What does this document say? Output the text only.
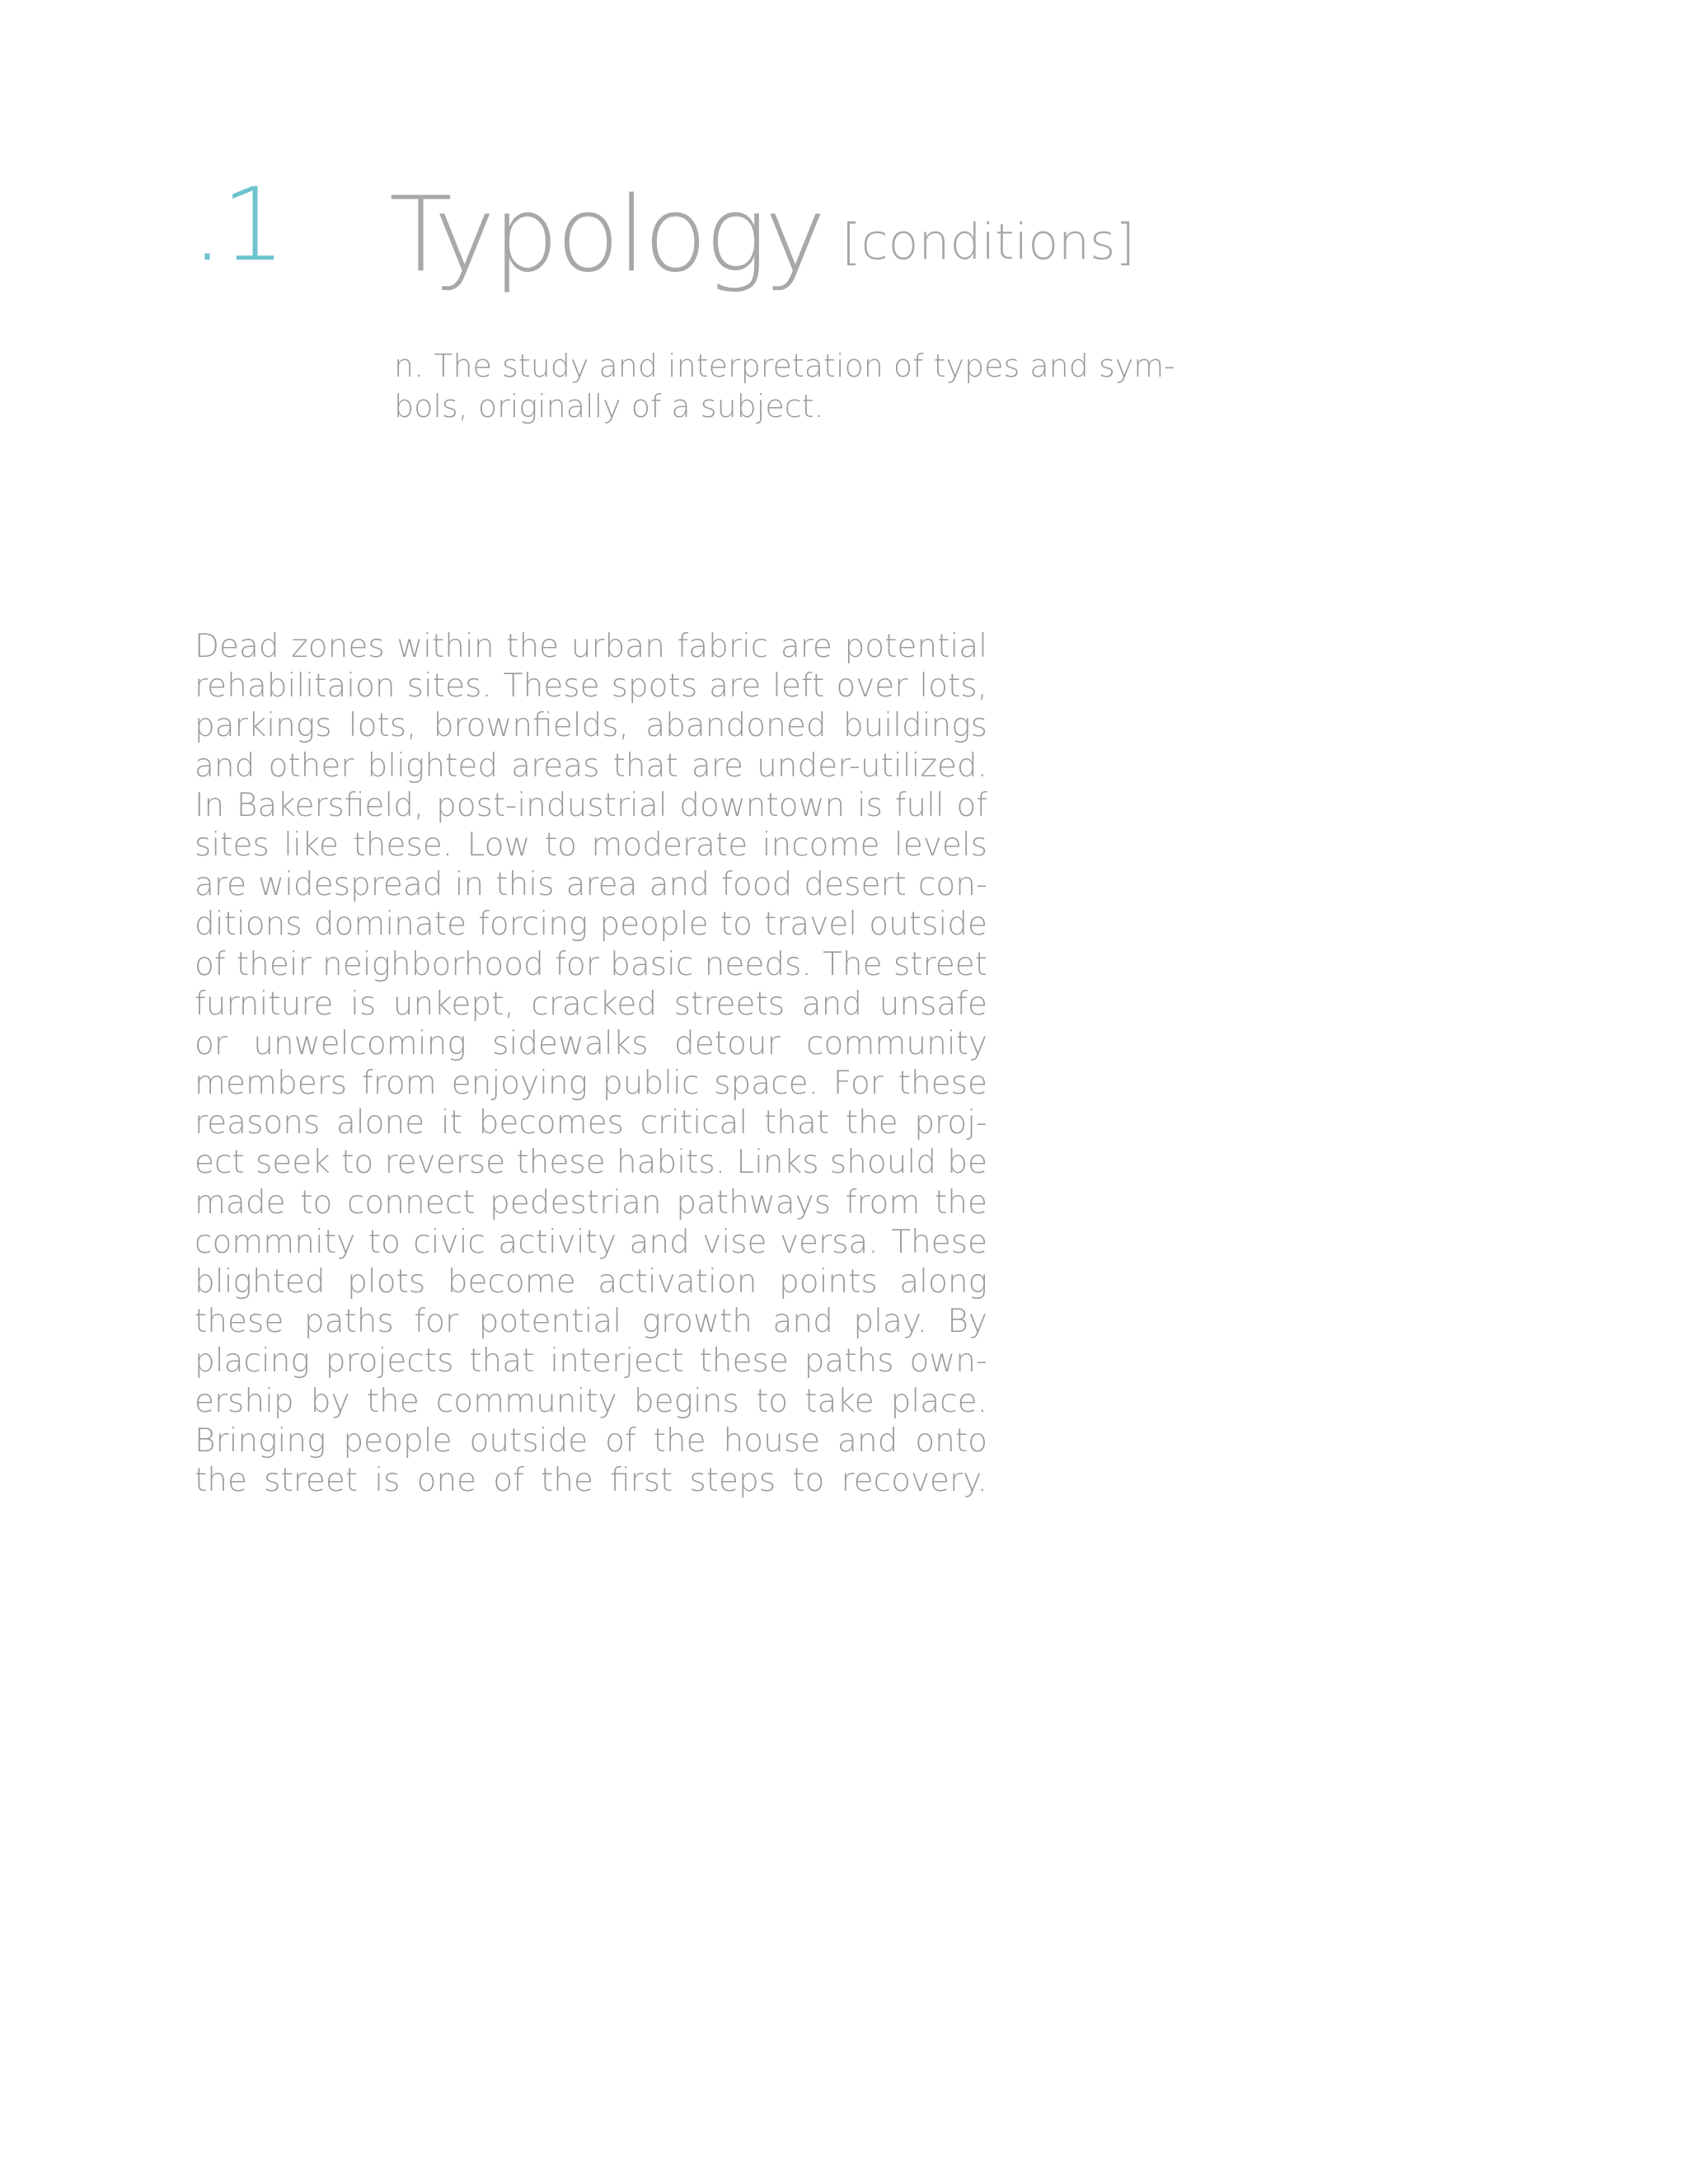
.1 Typology [conditions]
n. The study and interpretation of types and sym-
bols, originally of a subject.
Dead zones within the urban fabric are potential
rehabilitaion sites. These spots are left over lots,
parkings lots, brownfields, abandoned buildings
and other blighted areas that are under-utilized.
In Bakersfield, post-industrial downtown is full of
sites like these. Low to moderate income levels
are widespread in this area and food desert con-
ditions dominate forcing people to travel outside
of their neighborhood for basic needs. The street
furniture is unkept, cracked streets and unsafe
or unwelcoming sidewalks detour community
members from enjoying public space. For these
reasons alone it becomes critical that the proj-
ect seek to reverse these habits. Links should be
made to connect pedestrian pathways from the
commnity to civic activity and vise versa. These
blighted plots become activation points along
these paths for potential growth and play. By
placing projects that interject these paths own-
ership by the community begins to take place.
Bringing people outside of the house and onto
the street is one of the first steps to recovery.
